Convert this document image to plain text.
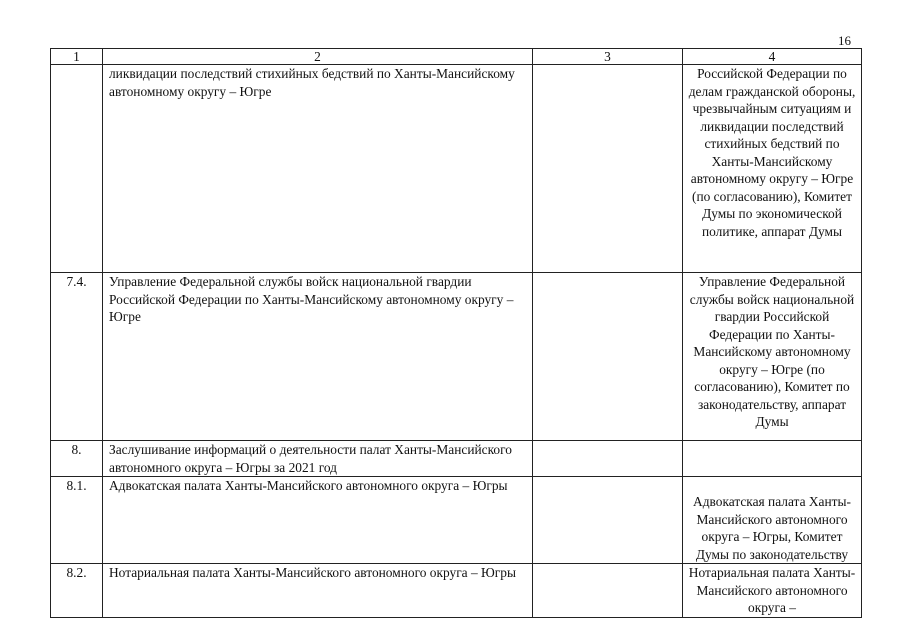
16
1	2	3	4
	ликвидации последствий стихийных бедствий по Ханты-Мансийскому автономному округу – Югре		Российской Федерации по делам гражданской обороны, чрезвычайным ситуациям и ликвидации последствий стихийных бедствий по Ханты-Мансийскому автономному округу – Югре (по согласованию), Комитет Думы по экономической политике, аппарат Думы
7.4.	Управление Федеральной службы войск национальной гвардии Российской Федерации по Ханты-Мансийскому автономному округу – Югре		Управление Федеральной службы войск национальной гвардии Российской Федерации по Ханты-Мансийскому автономному округу – Югре (по согласованию), Комитет по законодательству, аппарат Думы
8.	Заслушивание информаций о деятельности палат Ханты-Мансийского автономного округа – Югры за 2021 год		
8.1.	Адвокатская палата Ханты-Мансийского автономного округа – Югры		Адвокатская палата Ханты-Мансийского автономного округа – Югры, Комитет Думы по законодательству
8.2.	Нотариальная палата Ханты-Мансийского автономного округа – Югры		Нотариальная палата Ханты-Мансийского автономного округа –
